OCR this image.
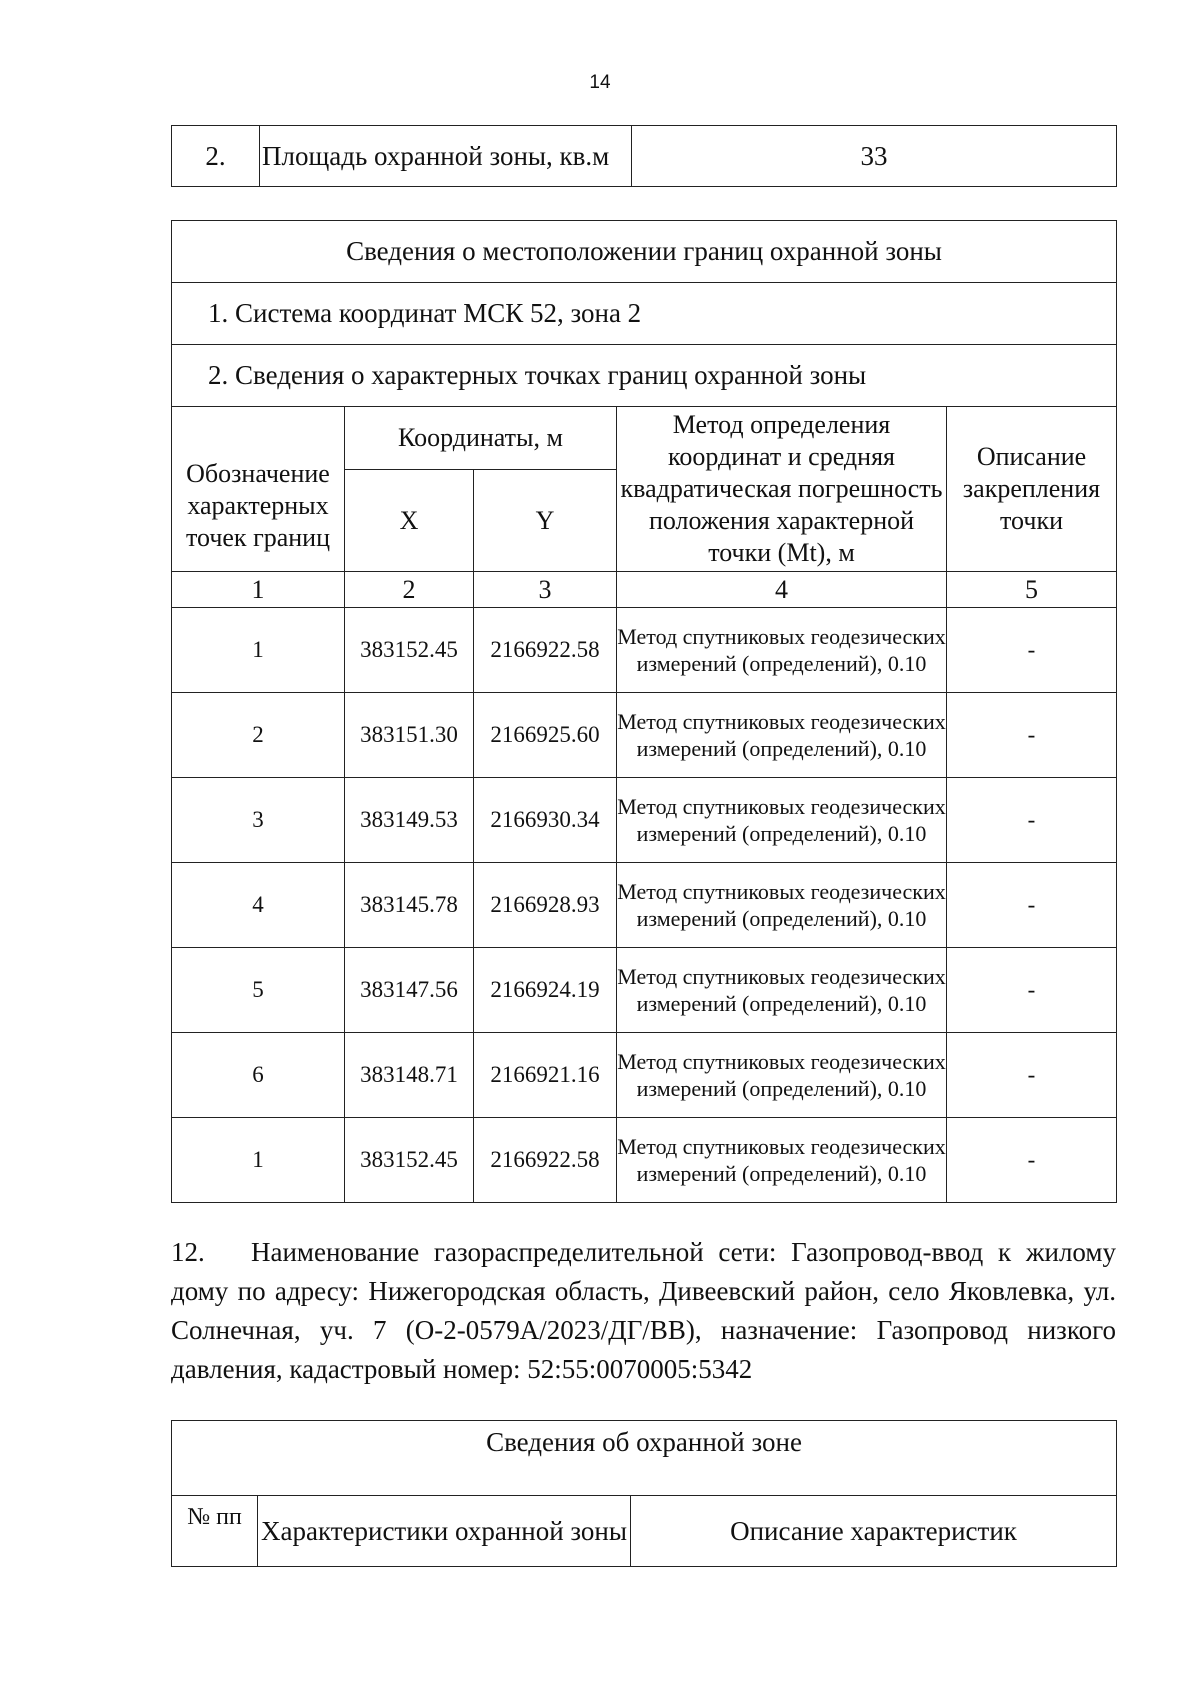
14
2.	Площадь охранной зоны, кв.м	33
Сведения о местоположении границ охранной зоны				
1. Система координат МСК 52, зона 2				
2. Сведения о характерных точках границ охранной зоны				
Обозначение характерных точек границ	Координаты, м		Метод определения координат и средняя квадратическая погрешность положения характерной точки (Mt), м	Описание закрепления точки
	X	Y		
1	2	3	4	5
1	383152.45	2166922.58	Метод спутниковых геодезических измерений (определений), 0.10	-
2	383151.30	2166925.60	Метод спутниковых геодезических измерений (определений), 0.10	-
3	383149.53	2166930.34	Метод спутниковых геодезических измерений (определений), 0.10	-
4	383145.78	2166928.93	Метод спутниковых геодезических измерений (определений), 0.10	-
5	383147.56	2166924.19	Метод спутниковых геодезических измерений (определений), 0.10	-
6	383148.71	2166921.16	Метод спутниковых геодезических измерений (определений), 0.10	-
1	383152.45	2166922.58	Метод спутниковых геодезических измерений (определений), 0.10	-

12. Наименование газораспределительной сети: Газопровод-ввод к жилому дому по адресу: Нижегородская область, Дивеевский район, село Яковлевка, ул. Солнечная, уч. 7 (О-2-0579А/2023/ДГ/ВВ), назначение: Газопровод низкого давления, кадастровый номер: 52:55:0070005:5342

Сведения об охранной зоне
№ пп	Характеристики охранной зоны	Описание характеристик
